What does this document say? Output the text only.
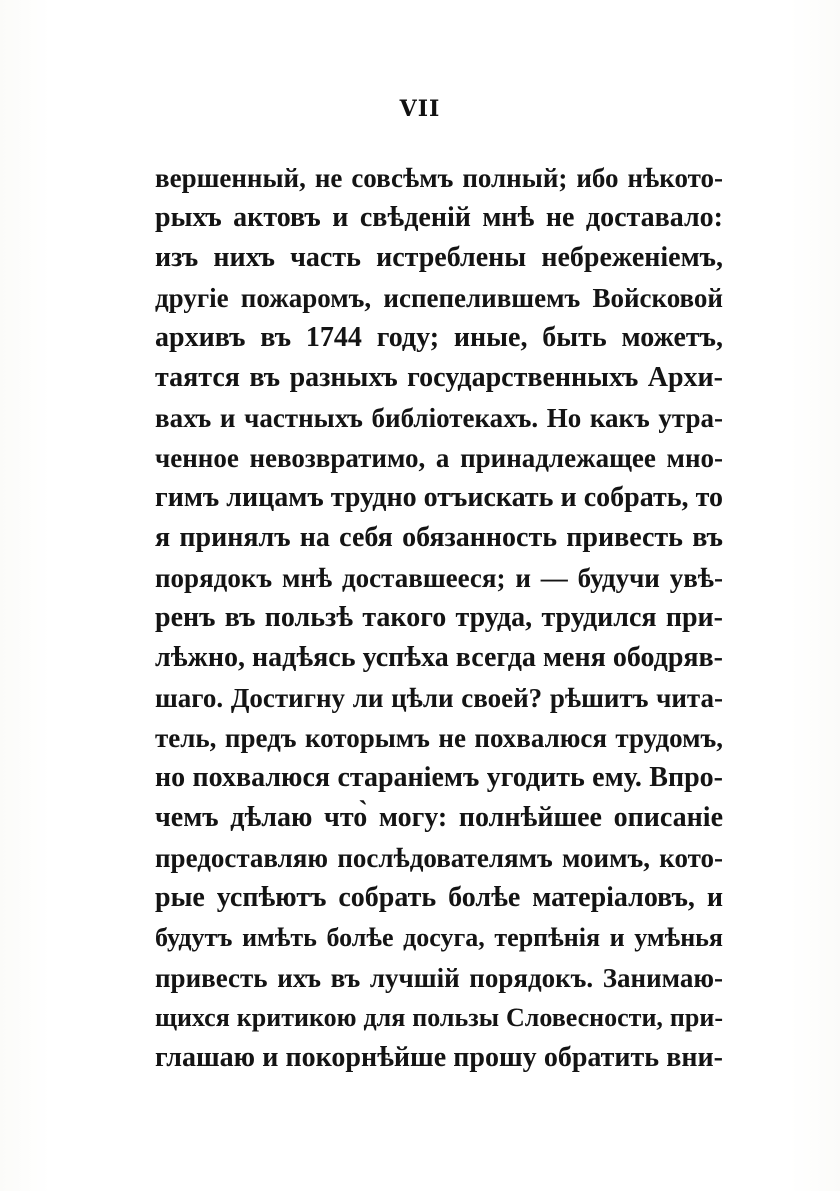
VII
вершенный, не совсѣмъ полный; ибо нѣкото-
рыхъ актовъ и свѣденій мнѣ не доставало:
изъ нихъ часть истреблены небреженіемъ,
другіе пожаромъ, испепелившемъ Войсковой
архивъ въ 1744 году; иные, быть можетъ,
таятся въ разныхъ государственныхъ Архи-
вахъ и частныхъ библіотекахъ. Но какъ утра-
ченное невозвратимо, а принадлежащее мно-
гимъ лицамъ трудно отъискать и собрать, то
я принялъ на себя обязанность привесть въ
порядокъ мнѣ доставшееся; и — будучи увѣ-
ренъ въ пользѣ такого труда, трудился при-
лѣжно, надѣясь успѣха всегда меня ободряв-
шаго. Достигну ли цѣли своей? рѣшитъ чита-
тель, предъ которымъ не похвалюся трудомъ,
но похвалюся стараніемъ угодить ему. Впро-
чемъ дѣлаю что̀ могу: полнѣйшее описаніе
предоставляю послѣдователямъ моимъ, кото-
рые успѣютъ собрать болѣе матеріаловъ, и
будутъ имѣть болѣе досуга, терпѣнія и умѣнья
привесть ихъ въ лучшій порядокъ. Занимаю-
щихся критикою для пользы Словесности, при-
глашаю и покорнѣйше прошу обратить вни-
